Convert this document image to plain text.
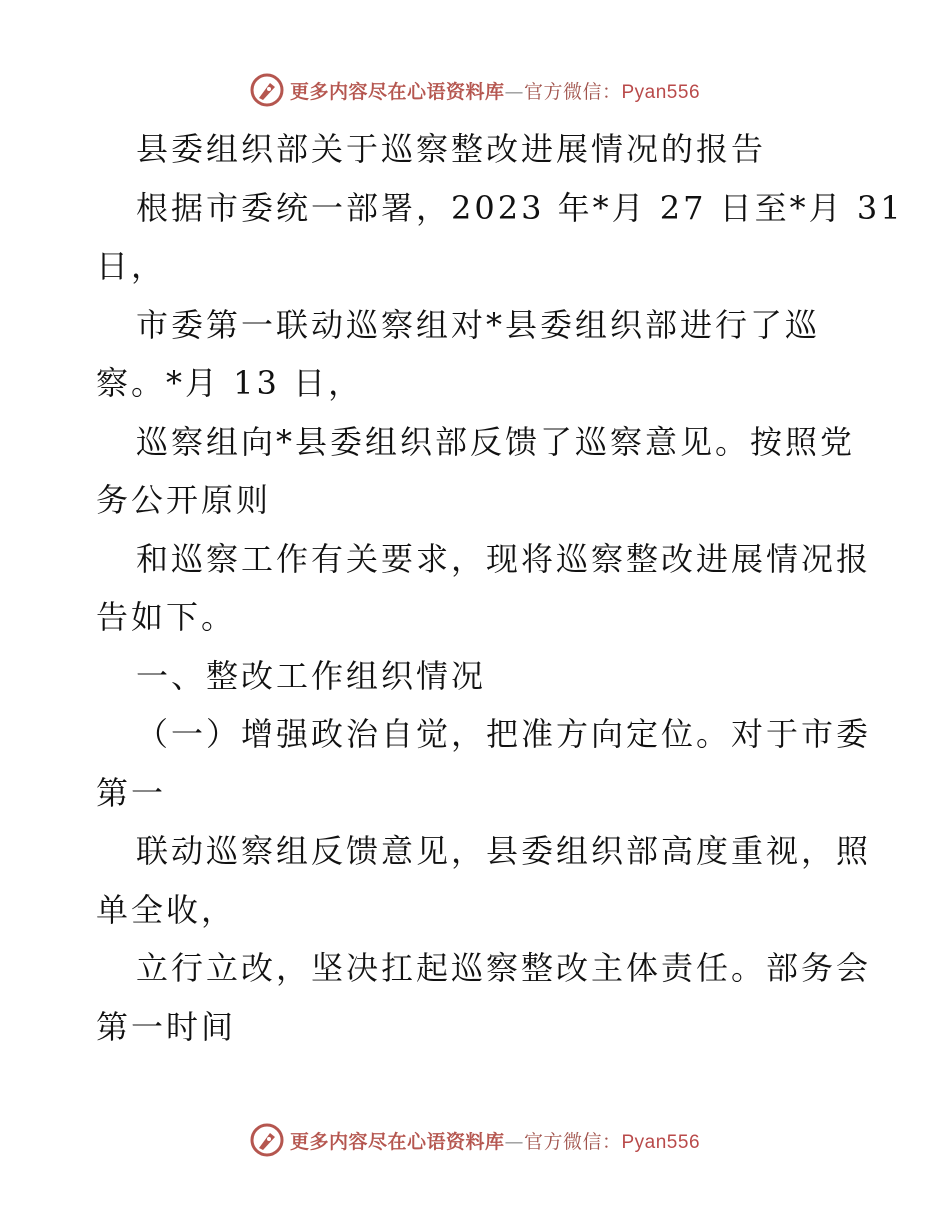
更多内容尽在心语资料库—官方微信：Pyan556
县委组织部关于巡察整改进展情况的报告
根据市委统一部署，2023 年*月 27 日至*月 31
日，
市委第一联动巡察组对*县委组织部进行了巡
察。*月 13 日，
巡察组向*县委组织部反馈了巡察意见。按照党
务公开原则
和巡察工作有关要求，现将巡察整改进展情况报
告如下。
一、整改工作组织情况
（一）增强政治自觉，把准方向定位。对于市委
第一
联动巡察组反馈意见，县委组织部高度重视，照
单全收，
立行立改，坚决扛起巡察整改主体责任。部务会
第一时间
更多内容尽在心语资料库—官方微信：Pyan556
